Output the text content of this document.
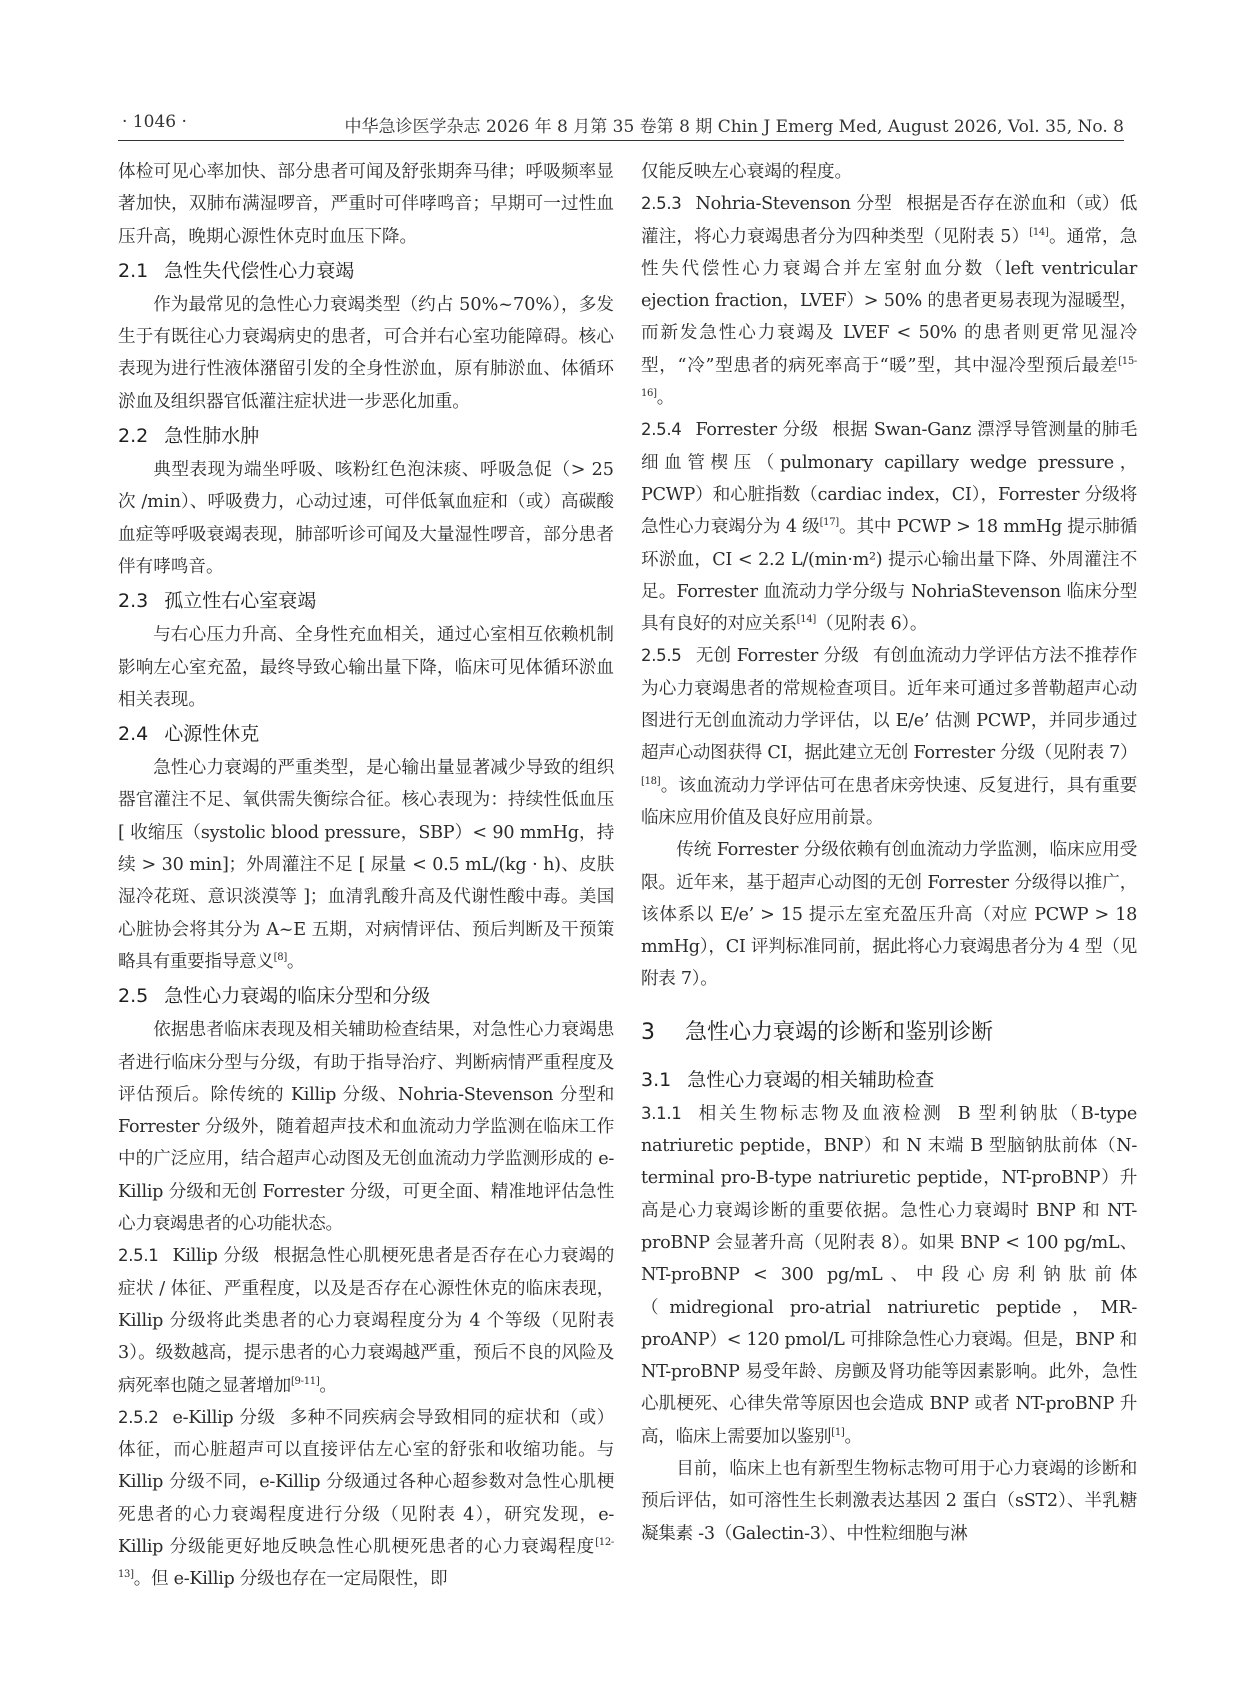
· 1046 ·	中华急诊医学杂志 2026 年 8 月第 35 卷第 8 期 Chin J Emerg Med, August 2026, Vol. 35, No. 8

体检可见心率加快、部分患者可闻及舒张期奔马律；呼吸频率显著加快，双肺布满湿啰音，严重时可伴哮鸣音；早期可一过性血压升高，晚期心源性休克时血压下降。

2.1 急性失代偿性心力衰竭

作为最常见的急性心力衰竭类型（约占 50%~70%），多发生于有既往心力衰竭病史的患者，可合并右心室功能障碍。核心表现为进行性液体潴留引发的全身性淤血，原有肺淤血、体循环淤血及组织器官低灌注症状进一步恶化加重。

2.2 急性肺水肿

典型表现为端坐呼吸、咳粉红色泡沫痰、呼吸急促（> 25 次 /min）、呼吸费力，心动过速，可伴低氧血症和（或）高碳酸血症等呼吸衰竭表现，肺部听诊可闻及大量湿性啰音，部分患者伴有哮鸣音。

2.3 孤立性右心室衰竭

与右心压力升高、全身性充血相关，通过心室相互依赖机制影响左心室充盈，最终导致心输出量下降，临床可见体循环淤血相关表现。

2.4 心源性休克

急性心力衰竭的严重类型，是心输出量显著减少导致的组织器官灌注不足、氧供需失衡综合征。核心表现为：持续性低血压 [ 收缩压（systolic blood pressure，SBP）< 90 mmHg，持续 > 30 min]；外周灌注不足 [ 尿量 < 0.5 mL/(kg · h)、皮肤湿冷花斑、意识淡漠等 ]；血清乳酸升高及代谢性酸中毒。美国心脏协会将其分为 A~E 五期，对病情评估、预后判断及干预策略具有重要指导意义[8]。

2.5 急性心力衰竭的临床分型和分级

依据患者临床表现及相关辅助检查结果，对急性心力衰竭患者进行临床分型与分级，有助于指导治疗、判断病情严重程度及评估预后。除传统的 Killip 分级、Nohria-Stevenson 分型和 Forrester 分级外，随着超声技术和血流动力学监测在临床工作中的广泛应用，结合超声心动图及无创血流动力学监测形成的 e-Killip 分级和无创 Forrester 分级，可更全面、精准地评估急性心力衰竭患者的心功能状态。

2.5.1 Killip 分级 根据急性心肌梗死患者是否存在心力衰竭的症状 / 体征、严重程度，以及是否存在心源性休克的临床表现，Killip 分级将此类患者的心力衰竭程度分为 4 个等级（见附表 3）。级数越高，提示患者的心力衰竭越严重，预后不良的风险及病死率也随之显著增加[9-11]。

2.5.2 e-Killip 分级 多种不同疾病会导致相同的症状和（或）体征，而心脏超声可以直接评估左心室的舒张和收缩功能。与 Killip 分级不同，e-Killip 分级通过各种心超参数对急性心肌梗死患者的心力衰竭程度进行分级（见附表 4），研究发现，e-Killip 分级能更好地反映急性心肌梗死患者的心力衰竭程度[12-13]。但 e-Killip 分级也存在一定局限性，即

仅能反映左心衰竭的程度。

2.5.3 Nohria-Stevenson 分型 根据是否存在淤血和（或）低灌注，将心力衰竭患者分为四种类型（见附表 5）[14]。通常，急性失代偿性心力衰竭合并左室射血分数（left ventricular ejection fraction，LVEF）> 50% 的患者更易表现为湿暖型，而新发急性心力衰竭及 LVEF < 50% 的患者则更常见湿冷型，“冷”型患者的病死率高于“暖”型，其中湿冷型预后最差[15-16]。

2.5.4 Forrester 分级 根据 Swan-Ganz 漂浮导管测量的肺毛细血管楔压（pulmonary capillary wedge pressure，PCWP）和心脏指数（cardiac index，CI），Forrester 分级将急性心力衰竭分为 4 级[17]。其中 PCWP > 18 mmHg 提示肺循环淤血，CI < 2.2 L/(min·m²) 提示心输出量下降、外周灌注不足。Forrester 血流动力学分级与 NohriaStevenson 临床分型具有良好的对应关系[14]（见附表 6）。

2.5.5 无创 Forrester 分级 有创血流动力学评估方法不推荐作为心力衰竭患者的常规检查项目。近年来可通过多普勒超声心动图进行无创血流动力学评估，以 E/e’ 估测 PCWP，并同步通过超声心动图获得 CI，据此建立无创 Forrester 分级（见附表 7）[18]。该血流动力学评估可在患者床旁快速、反复进行，具有重要临床应用价值及良好应用前景。

传统 Forrester 分级依赖有创血流动力学监测，临床应用受限。近年来，基于超声心动图的无创 Forrester 分级得以推广，该体系以 E/e’ > 15 提示左室充盈压升高（对应 PCWP > 18 mmHg），CI 评判标准同前，据此将心力衰竭患者分为 4 型（见附表 7）。

3 急性心力衰竭的诊断和鉴别诊断
3.1 急性心力衰竭的相关辅助检查

3.1.1 相关生物标志物及血液检测 B 型利钠肽（B-type natriuretic peptide，BNP）和 N 末端 B 型脑钠肽前体（N-terminal pro-B-type natriuretic peptide，NT-proBNP）升高是心力衰竭诊断的重要依据。急性心力衰竭时 BNP 和 NT-proBNP 会显著升高（见附表 8）。如果 BNP < 100 pg/mL、NT-proBNP < 300 pg/mL、中段心房利钠肽前体（midregional pro-atrial natriuretic peptide，MR-proANP）< 120 pmol/L 可排除急性心力衰竭。但是，BNP 和 NT-proBNP 易受年龄、房颤及肾功能等因素影响。此外，急性心肌梗死、心律失常等原因也会造成 BNP 或者 NT-proBNP 升高，临床上需要加以鉴别[1]。

目前，临床上也有新型生物标志物可用于心力衰竭的诊断和预后评估，如可溶性生长刺激表达基因 2 蛋白（sST2）、半乳糖凝集素 -3（Galectin-3）、中性粒细胞与淋
